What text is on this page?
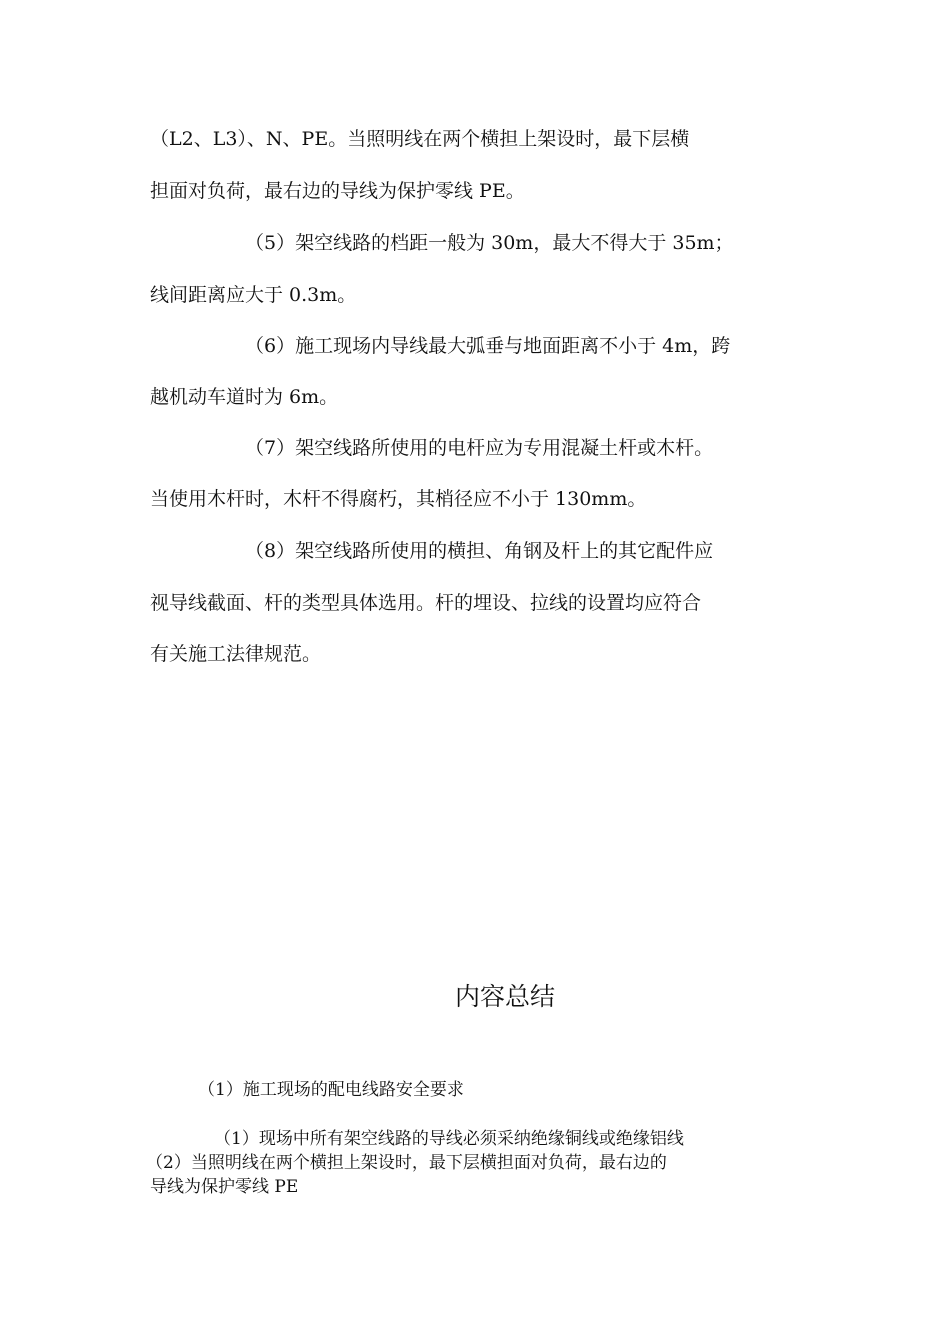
（L2、L3）、N、PE。当照明线在两个横担上架设时，最下层横
担面对负荷，最右边的导线为保护零线 PE。
（5）架空线路的档距一般为 30m，最大不得大于 35m；
线间距离应大于 0.3m。
（6）施工现场内导线最大弧垂与地面距离不小于 4m，跨
越机动车道时为 6m。
（7）架空线路所使用的电杆应为专用混凝土杆或木杆。
当使用木杆时，木杆不得腐朽，其梢径应不小于 130mm。
（8）架空线路所使用的横担、角钢及杆上的其它配件应
视导线截面、杆的类型具体选用。杆的埋设、拉线的设置均应符合
有关施工法律规范。
内容总结
（1）施工现场的配电线路安全要求
（1）现场中所有架空线路的导线必须采纳绝缘铜线或绝缘铝线
（2）当照明线在两个横担上架设时，最下层横担面对负荷，最右边的
导线为保护零线 PE
